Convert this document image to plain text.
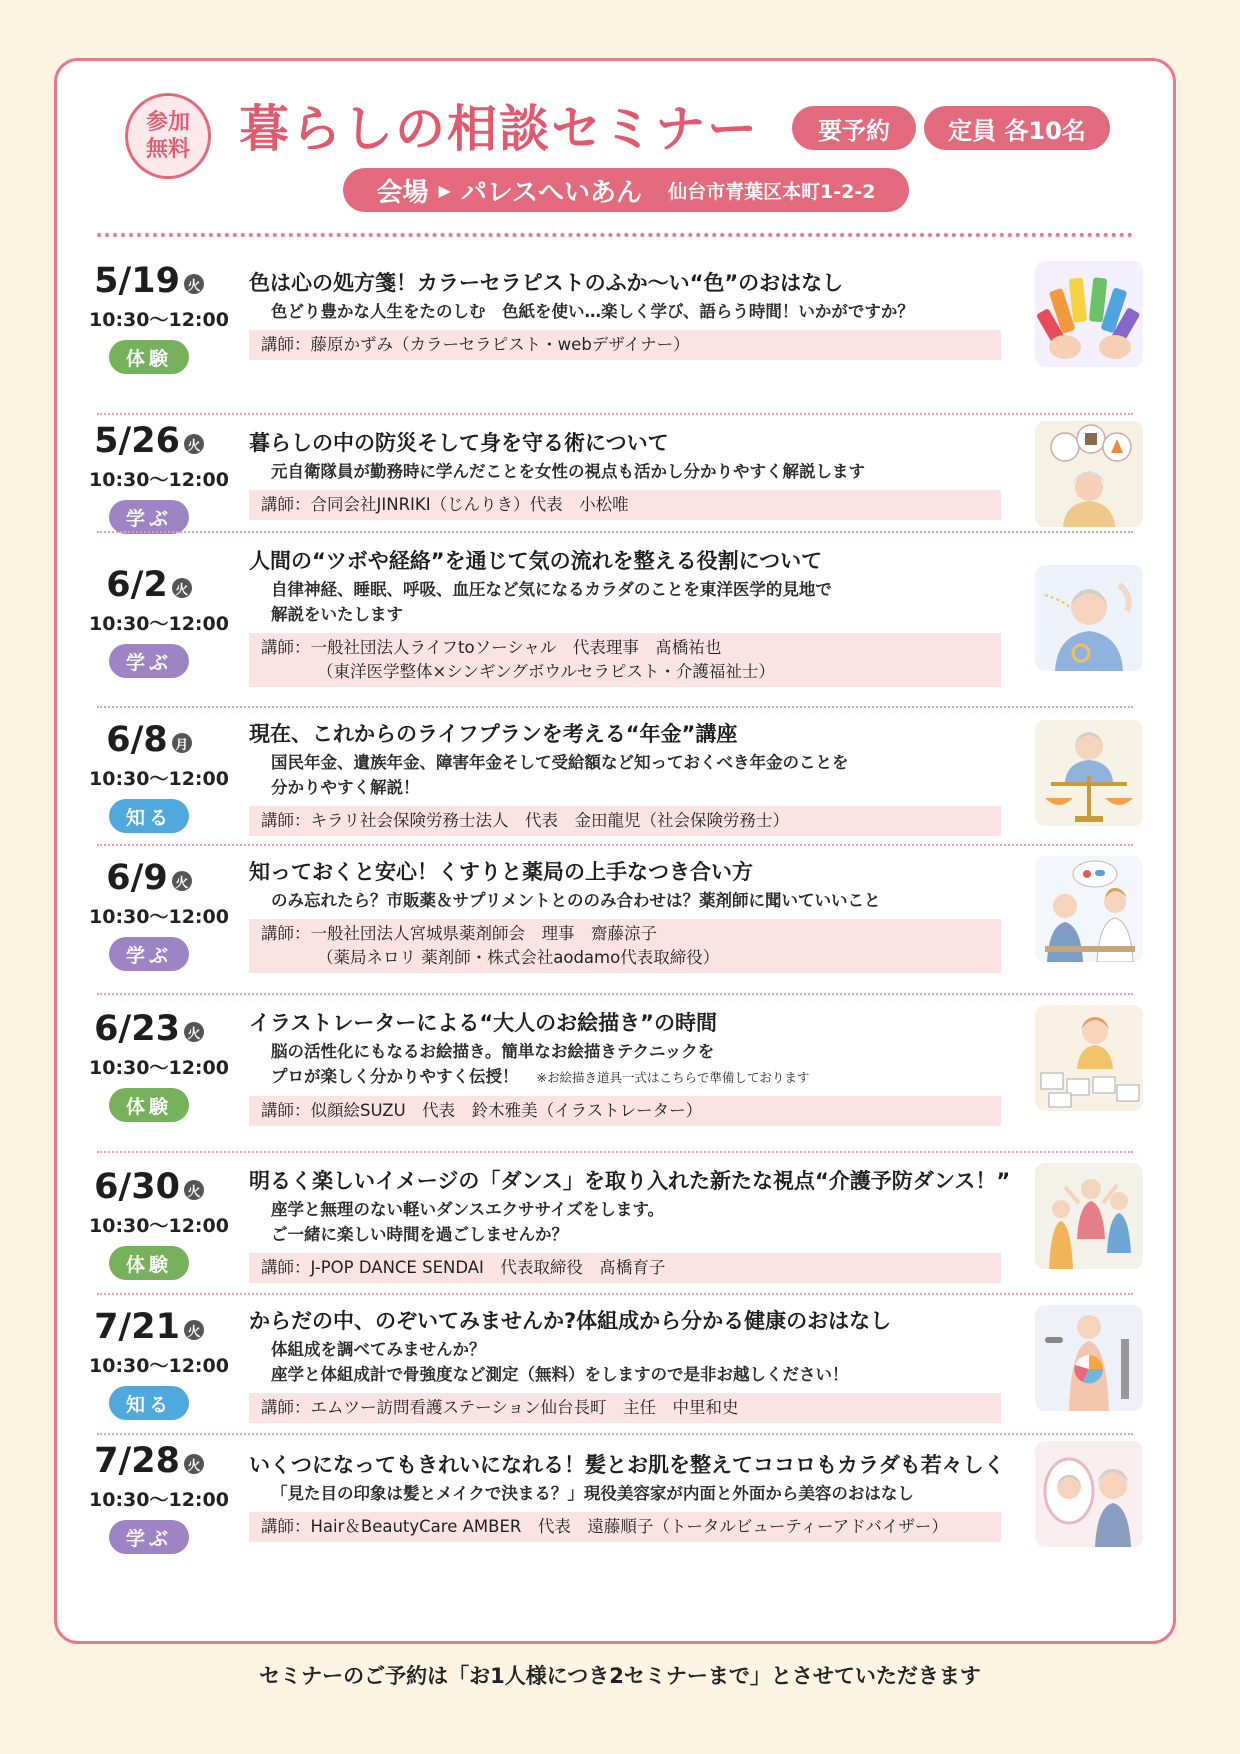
参加
無料 暮らしの相談セミナー	要予約	定員 各10名
会場 ▶ パレスへいあん 仙台市青葉区本町1-2-2
5/19 火
10:30〜12:00
体験
色は心の処方箋！カラーセラピストのふか〜い“色”のおはなし
色どり豊かな人生をたのしむ　色紙を使い…楽しく学び、語らう時間！いかがですか？
講師：藤原かずみ（カラーセラピスト・webデザイナー）
5/26 火
10:30〜12:00
学ぶ
暮らしの中の防災そして身を守る術について
元自衛隊員が勤務時に学んだことを女性の視点も活かし分かりやすく解説します
講師：合同会社JINRIKI（じんりき）代表　小松唯
6/2 火
10:30〜12:00
学ぶ
人間の“ツボや経絡”を通じて気の流れを整える役割について
自律神経、睡眠、呼吸、血圧など気になるカラダのことを東洋医学的見地で
解説をいたします
講師：一般社団法人ライフtoソーシャル　代表理事　髙橋祐也
（東洋医学整体×シンギングボウルセラピスト・介護福祉士）
6/8 月
10:30〜12:00
知る
現在、これからのライフプランを考える“年金”講座
国民年金、遺族年金、障害年金そして受給額など知っておくべき年金のことを
分かりやすく解説！
講師：キラリ社会保険労務士法人　代表　金田龍児（社会保険労務士）
6/9 火
10:30〜12:00
学ぶ
知っておくと安心！くすりと薬局の上手なつき合い方
のみ忘れたら？市販薬＆サプリメントとののみ合わせは？薬剤師に聞いていいこと
講師：一般社団法人宮城県薬剤師会　理事　齋藤涼子
（薬局ネロリ 薬剤師・株式会社aodamo代表取締役）
6/23 火
10:30〜12:00
体験
イラストレーターによる“大人のお絵描き”の時間
脳の活性化にもなるお絵描き。簡単なお絵描きテクニックを
プロが楽しく分かりやすく伝授！ ※お絵描き道具一式はこちらで準備しております
講師：似顔絵SUZU　代表　鈴木雅美（イラストレーター）
6/30 火
10:30〜12:00
体験
明るく楽しいイメージの「ダンス」を取り入れた新たな視点“介護予防ダンス！”
座学と無理のない軽いダンスエクササイズをします。
ご一緒に楽しい時間を過ごしませんか？
講師：J-POP DANCE SENDAI　代表取締役　髙橋育子
7/21 火
10:30〜12:00
知る
からだの中、のぞいてみませんか?体組成から分かる健康のおはなし
体組成を調べてみませんか？
座学と体組成計で骨強度など測定（無料）をしますので是非お越しください！
講師：エムツー訪問看護ステーション仙台長町　主任　中里和史
7/28 火
10:30〜12:00
学ぶ
いくつになってもきれいになれる！髪とお肌を整えてココロもカラダも若々しく
「見た目の印象は髪とメイクで決まる？」現役美容家が内面と外面から美容のおはなし
講師：Hair＆BeautyCare AMBER　代表　遠藤順子（トータルビューティーアドバイザー）
セミナーのご予約は「お1人様につき2セミナーまで」とさせていただきます
